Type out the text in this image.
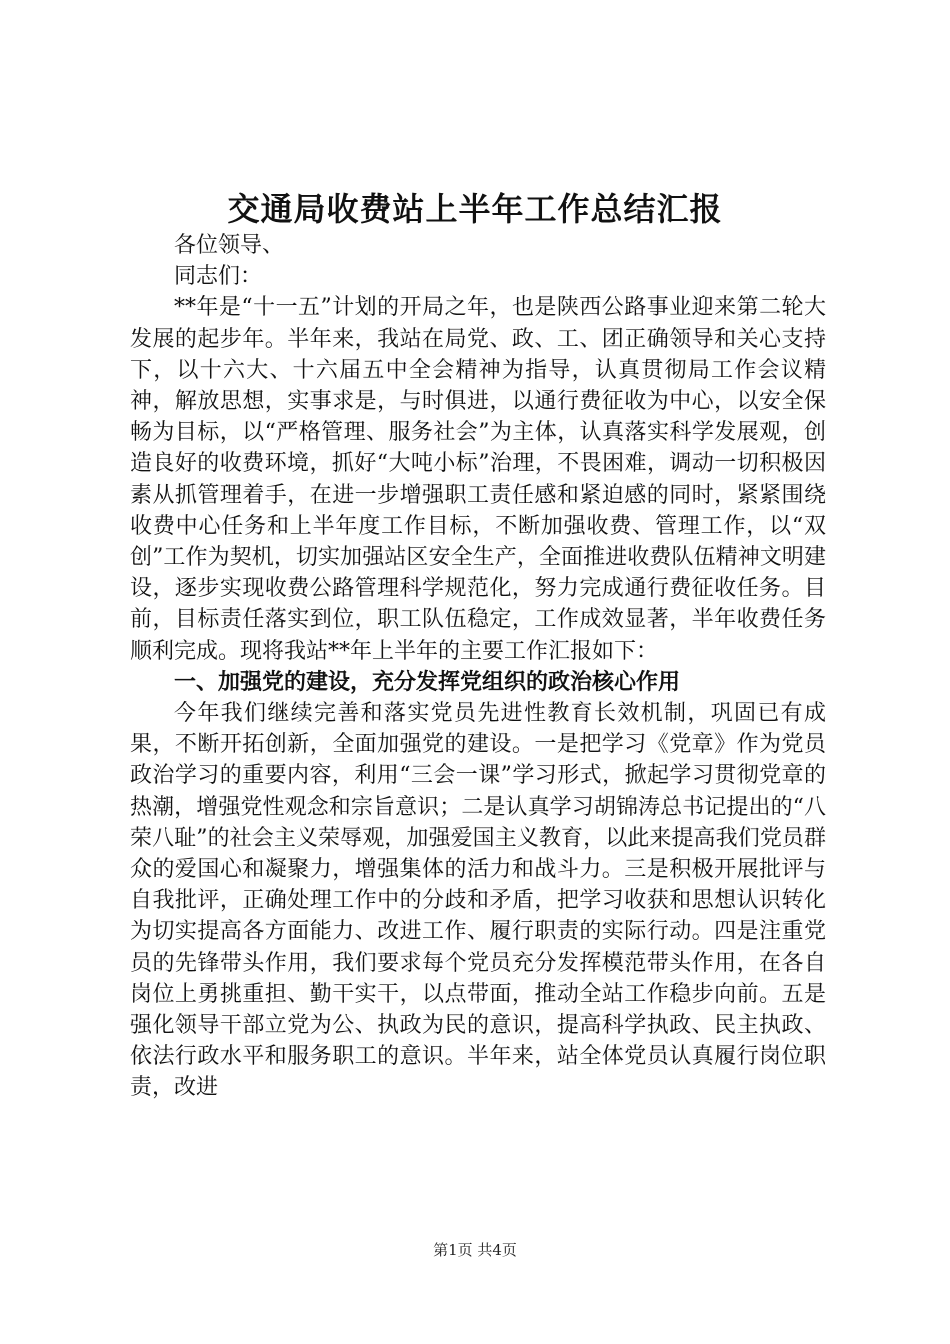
交通局收费站上半年工作总结汇报

各位领导、

同志们：

**年是“十一五”计划的开局之年，也是陕西公路事业迎来第二轮大发展的起步年。半年来，我站在局党、政、工、团正确领导和关心支持下，以十六大、十六届五中全会精神为指导，认真贯彻局工作会议精神，解放思想，实事求是，与时俱进，以通行费征收为中心，以安全保畅为目标，以“严格管理、服务社会”为主体，认真落实科学发展观，创造良好的收费环境，抓好“大吨小标”治理，不畏困难，调动一切积极因素从抓管理着手，在进一步增强职工责任感和紧迫感的同时，紧紧围绕收费中心任务和上半年度工作目标，不断加强收费、管理工作，以“双创”工作为契机，切实加强站区安全生产，全面推进收费队伍精神文明建设，逐步实现收费公路管理科学规范化，努力完成通行费征收任务。目前，目标责任落实到位，职工队伍稳定，工作成效显著，半年收费任务顺利完成。现将我站**年上半年的主要工作汇报如下：

一、加强党的建设，充分发挥党组织的政治核心作用

今年我们继续完善和落实党员先进性教育长效机制，巩固已有成果，不断开拓创新，全面加强党的建设。一是把学习《党章》作为党员政治学习的重要内容，利用“三会一课”学习形式，掀起学习贯彻党章的热潮，增强党性观念和宗旨意识；二是认真学习胡锦涛总书记提出的“八荣八耻”的社会主义荣辱观，加强爱国主义教育，以此来提高我们党员群众的爱国心和凝聚力，增强集体的活力和战斗力。三是积极开展批评与自我批评，正确处理工作中的分歧和矛盾，把学习收获和思想认识转化为切实提高各方面能力、改进工作、履行职责的实际行动。四是注重党员的先锋带头作用，我们要求每个党员充分发挥模范带头作用，在各自岗位上勇挑重担、勤干实干，以点带面，推动全站工作稳步向前。五是强化领导干部立党为公、执政为民的意识，提高科学执政、民主执政、依法行政水平和服务职工的意识。半年来，站全体党员认真履行岗位职责，改进

第1页 共4页
